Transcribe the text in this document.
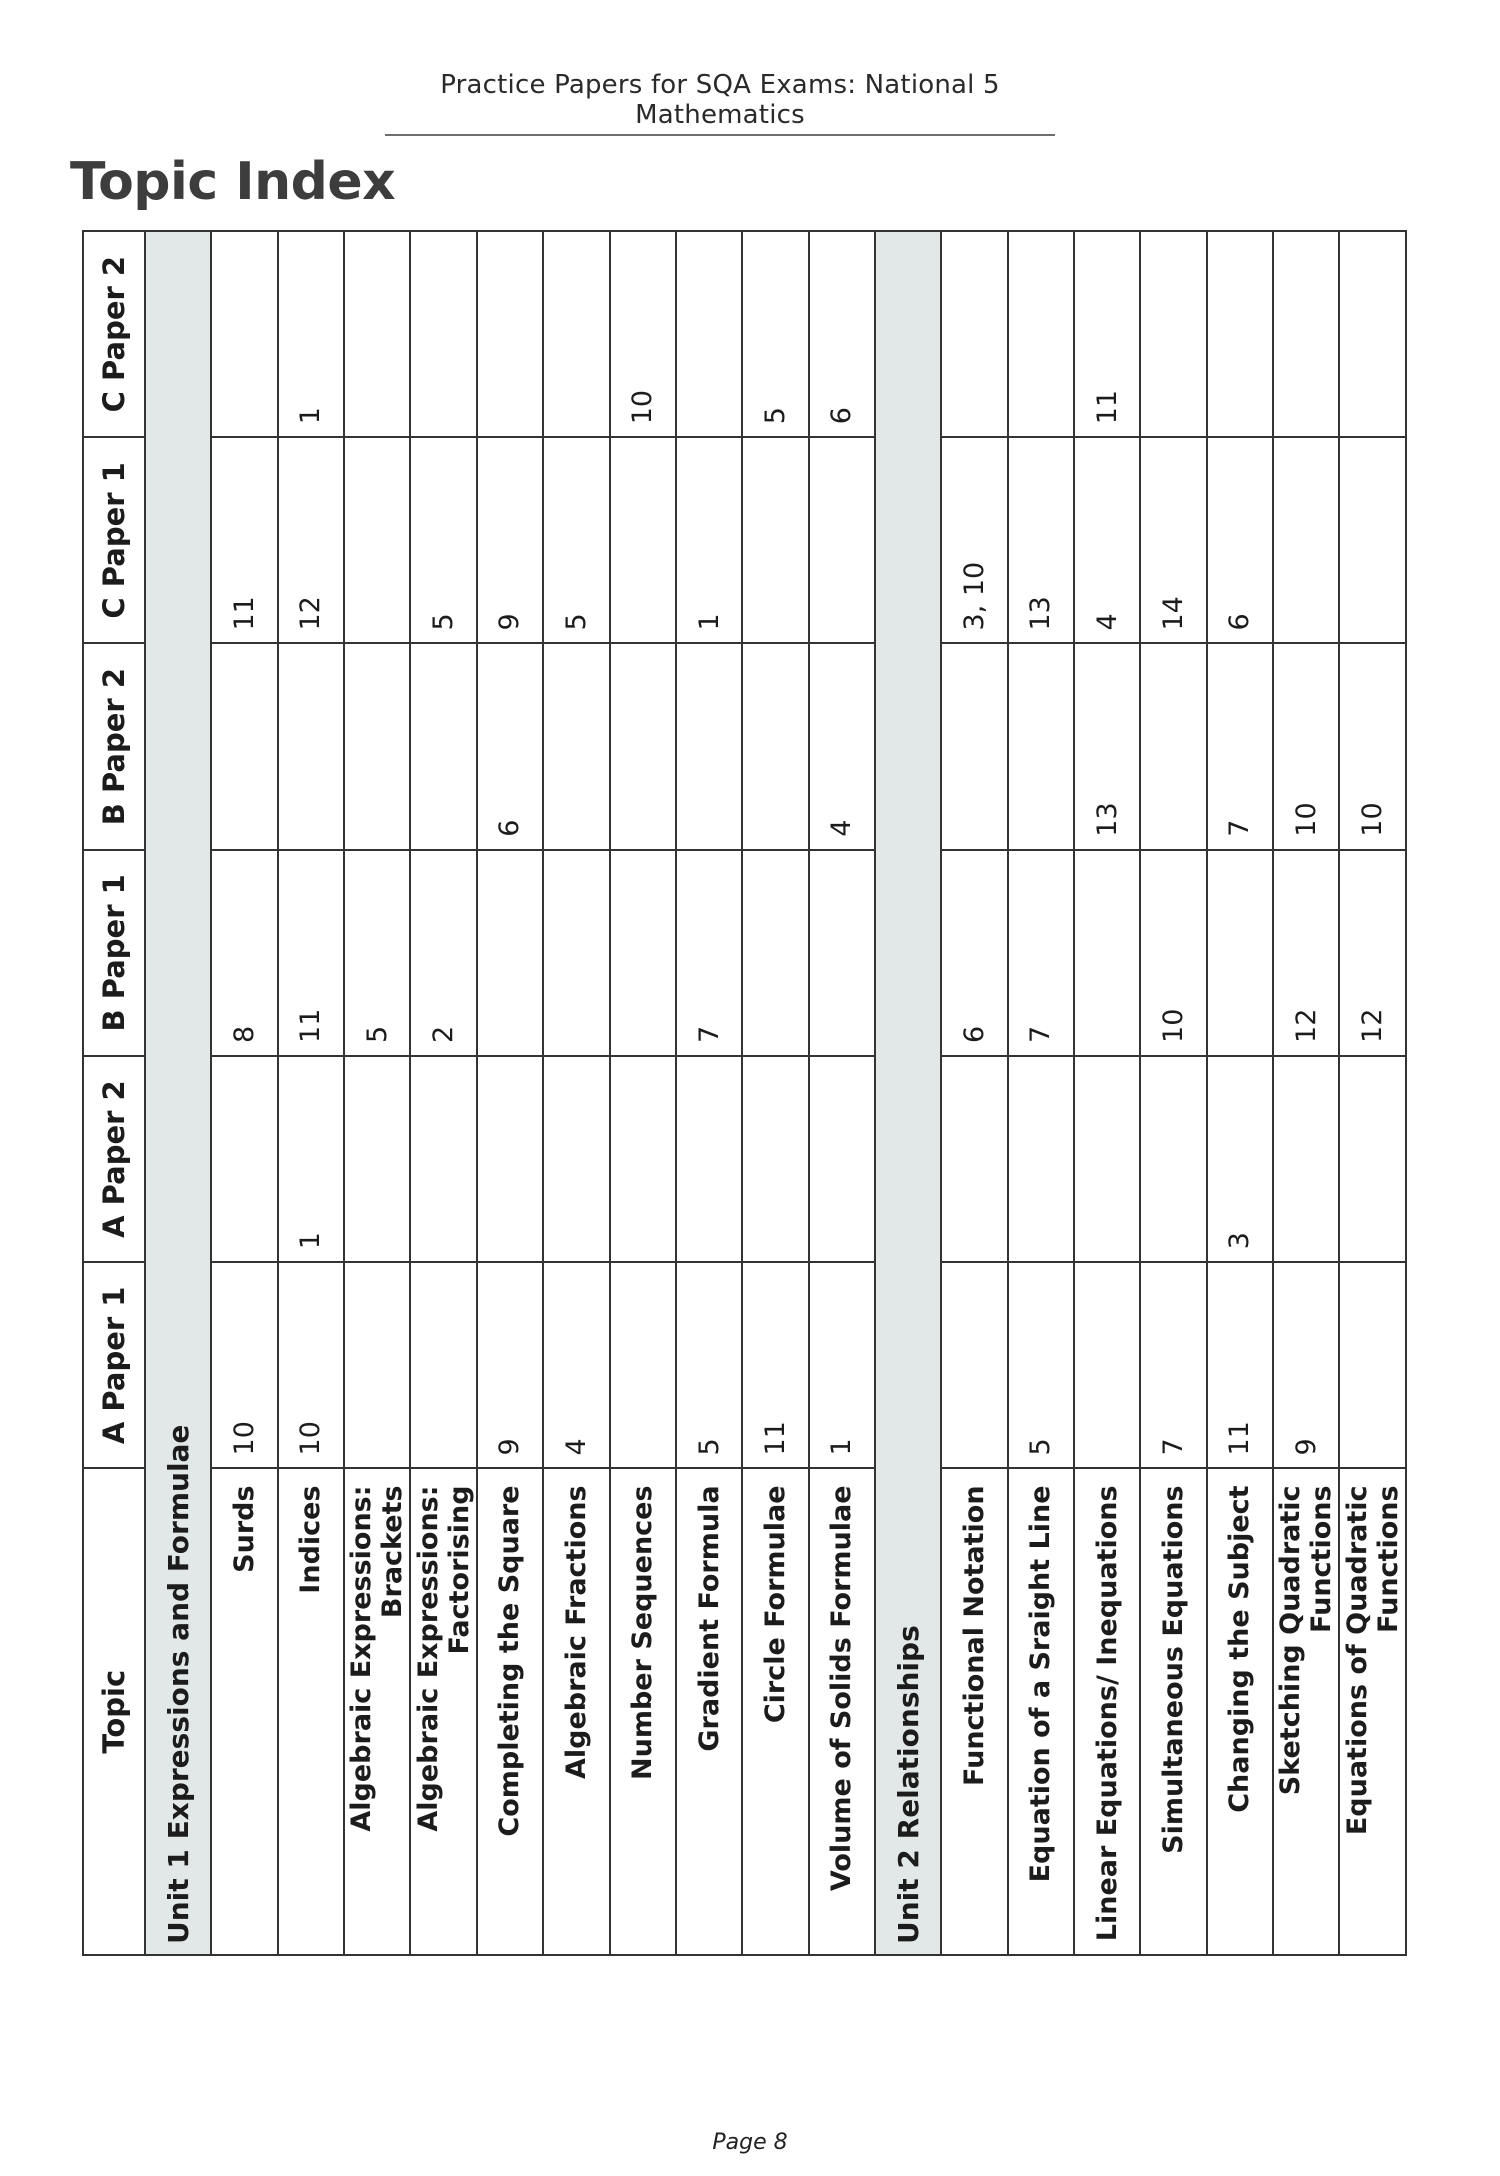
Practice Papers for SQA Exams: National 5 Mathematics
Topic Index
Topic	A Paper 1	A Paper 2	B Paper 1	B Paper 2	C Paper 1	C Paper 2
Unit 1 Expressions and Formulae						
Surds	10		8		11	
Indices	10	1	11		12	1
Algebraic Expressions: Brackets			5			
Algebraic Expressions: Factorising			2		5	
Completing the Square	9			6	9	
Algebraic Fractions	4				5	
Number Sequences						10
Gradient Formula	5		7		1	
Circle Formulae	11					5
Volume of Solids Formulae	1			4		6
Unit 2 Relationships						
Functional Notation			6		3, 10	
Equation of a Sraight Line	5		7		13	
Linear Equations/ Inequations				13	4	11
Simultaneous Equations	7		10		14	
Changing the Subject	11	3		7	6	
Sketching Quadratic Functions	9		12	10		
Equations of Quadratic Functions			12	10		
Page 8
